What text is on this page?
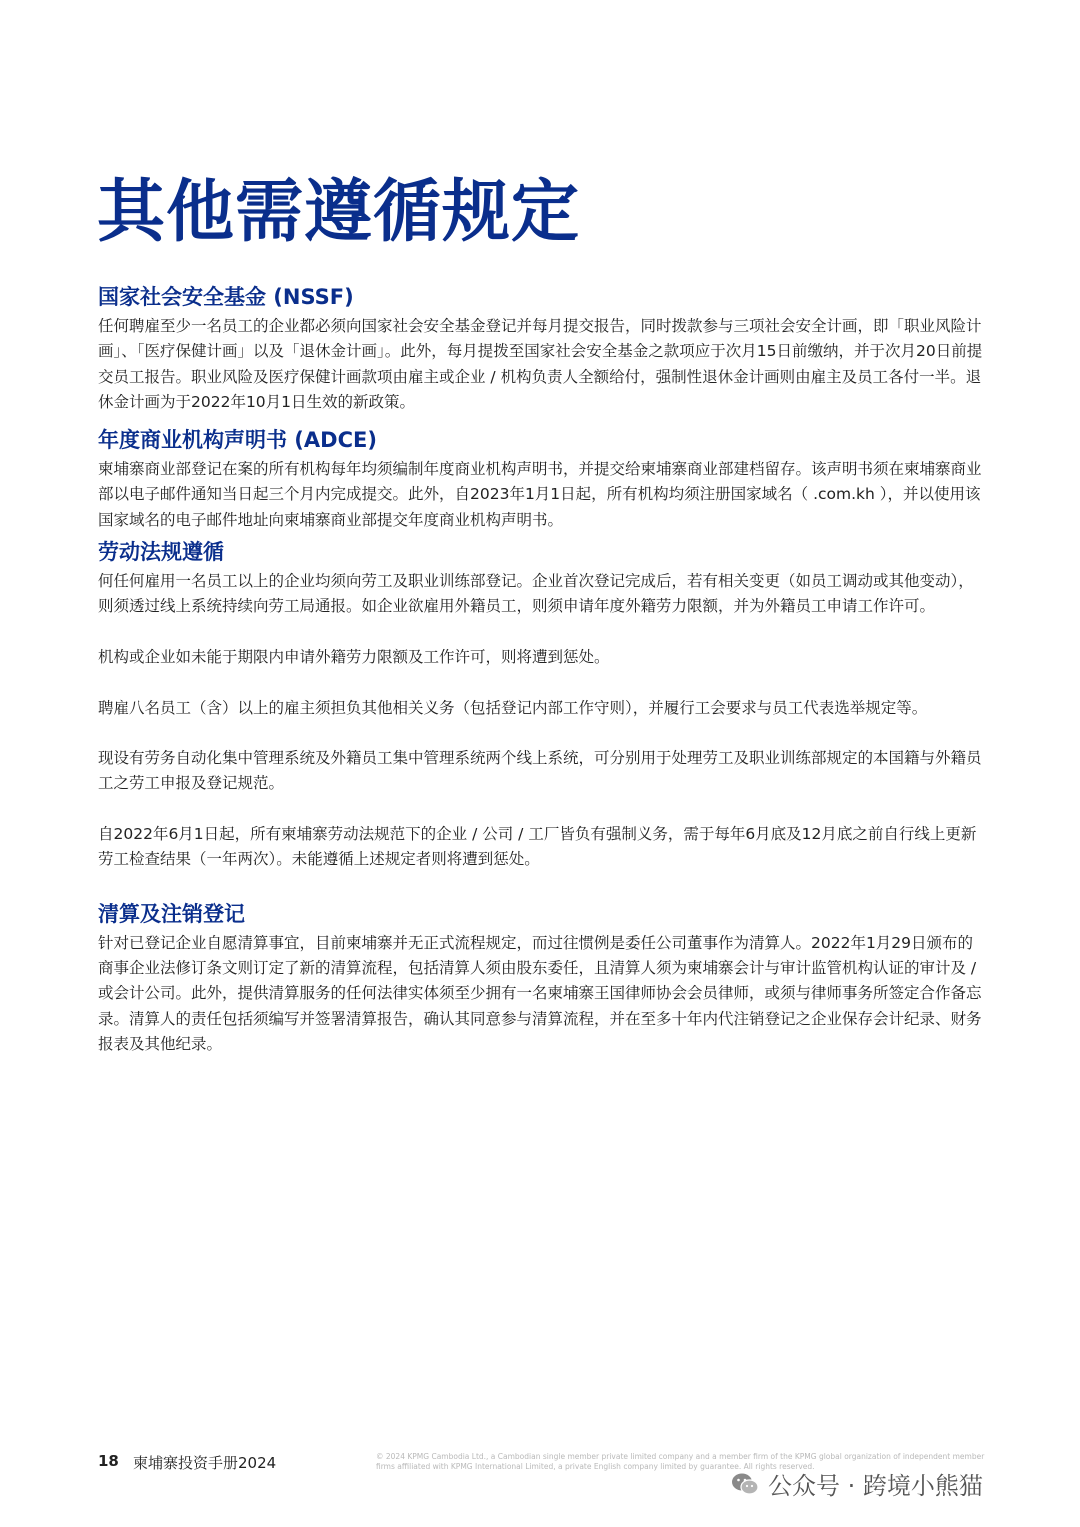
其他需遵循规定
国家社会安全基金 (NSSF)

任何聘雇至少一名员工的企业都必须向国家社会安全基金登记并每月提交报告，同时拨款参与三项社会安全计画，即「职业风险计画」、「医疗保健计画」以及「退休金计画」。此外，每月提拨至国家社会安全基金之款项应于次月15日前缴纳，并于次月20日前提交员工报告。职业风险及医疗保健计画款项由雇主或企业 / 机构负责人全额给付，强制性退休金计画则由雇主及员工各付一半。退休金计画为于2022年10月1日生效的新政策。

年度商业机构声明书 (ADCE)

柬埔寨商业部登记在案的所有机构每年均须编制年度商业机构声明书，并提交给柬埔寨商业部建档留存。该声明书须在柬埔寨商业部以电子邮件通知当日起三个月内完成提交。此外，自2023年1月1日起，所有机构均须注册国家域名（ .com.kh ），并以使用该国家域名的电子邮件地址向柬埔寨商业部提交年度商业机构声明书。

劳动法规遵循

何任何雇用一名员工以上的企业均须向劳工及职业训练部登记。企业首次登记完成后，若有相关变更（如员工调动或其他变动），则须透过线上系统持续向劳工局通报。如企业欲雇用外籍员工，则须申请年度外籍劳力限额，并为外籍员工申请工作许可。

机构或企业如未能于期限内申请外籍劳力限额及工作许可，则将遭到惩处。

聘雇八名员工（含）以上的雇主须担负其他相关义务（包括登记内部工作守则），并履行工会要求与员工代表选举规定等。

现设有劳务自动化集中管理系统及外籍员工集中管理系统两个线上系统，可分别用于处理劳工及职业训练部规定的本国籍与外籍员工之劳工申报及登记规范。

自2022年6月1日起，所有柬埔寨劳动法规范下的企业 / 公司 / 工厂皆负有强制义务，需于每年6月底及12月底之前自行线上更新劳工检查结果（一年两次）。未能遵循上述规定者则将遭到惩处。

清算及注销登记

针对已登记企业自愿清算事宜，目前柬埔寨并无正式流程规定，而过往惯例是委任公司董事作为清算人。2022年1月29日颁布的商事企业法修订条文则订定了新的清算流程，包括清算人须由股东委任，且清算人须为柬埔寨会计与审计监管机构认证的审计及 / 或会计公司。此外，提供清算服务的任何法律实体须至少拥有一名柬埔寨王国律师协会会员律师，或须与律师事务所签定合作备忘录。清算人的责任包括须编写并签署清算报告，确认其同意参与清算流程，并在至多十年内代注销登记之企业保存会计纪录、财务报表及其他纪录。

18 柬埔寨投资手册2024	© 2024 KPMG Cambodia Ltd., a Cambodian single member private limited company and a member firm of the KPMG global organization of independent member firms affiliated with KPMG International Limited, a private English company limited by guarantee. All rights reserved.
公众号 · 跨境小熊猫
